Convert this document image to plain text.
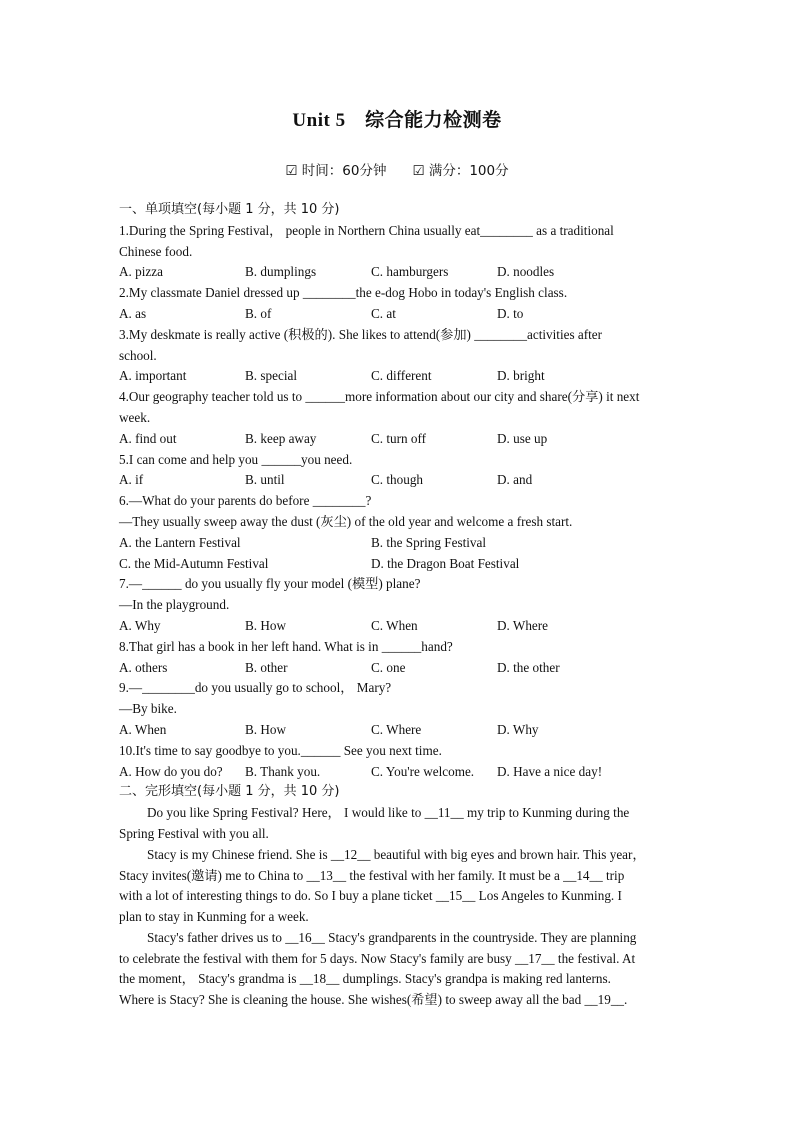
Unit 5　综合能力检测卷
☑ 时间：60分钟 ☑ 满分：100分
一、单项填空(每小题 1 分，共 10 分)
1.During the Spring Festival， people in Northern China usually eat________ as a traditional
Chinese food.
A. pizza	B. dumplings	C. hamburgers	D. noodles
2.My classmate Daniel dressed up ________the e-dog Hobo in today's English class.
A. as	B. of	C. at	D. to
3.My deskmate is really active (积极的). She likes to attend(参加) ________activities after
school.
A. important	B. special	C. different	D. bright
4.Our geography teacher told us to ______more information about our city and share(分享) it next
week.
A. find out	B. keep away	C. turn off	D. use up
5.I can come and help you ______you need.
A. if	B. until	C. though	D. and
6.—What do your parents do before ________?
—They usually sweep away the dust (灰尘) of the old year and welcome a fresh start.
A. the Lantern Festival	B. the Spring Festival
C. the Mid-Autumn Festival	D. the Dragon Boat Festival
7.—______ do you usually fly your model (模型) plane?
—In the playground.
A. Why	B. How	C. When	D. Where
8.That girl has a book in her left hand. What is in ______hand?
A. others	B. other	C. one	D. the other
9.—________do you usually go to school， Mary?
—By bike.
A. When	B. How	C. Where	D. Why
10.It's time to say goodbye to you.______ See you next time.
A. How do you do?	B. Thank you.	C. You're welcome.	D. Have a nice day!
二、完形填空(每小题 1 分，共 10 分)
Do you like Spring Festival? Here， I would like to __11__ my trip to Kunming during the
Spring Festival with you all.
Stacy is my Chinese friend. She is __12__ beautiful with big eyes and brown hair. This year，
Stacy invites(邀请) me to China to __13__ the festival with her family. It must be a __14__ trip
with a lot of interesting things to do. So I buy a plane ticket __15__ Los Angeles to Kunming. I
plan to stay in Kunming for a week.
Stacy's father drives us to __16__ Stacy's grandparents in the countryside. They are planning
to celebrate the festival with them for 5 days. Now Stacy's family are busy __17__ the festival. At
the moment， Stacy's grandma is __18__ dumplings. Stacy's grandpa is making red lanterns.
Where is Stacy? She is cleaning the house. She wishes(希望) to sweep away all the bad __19__.
